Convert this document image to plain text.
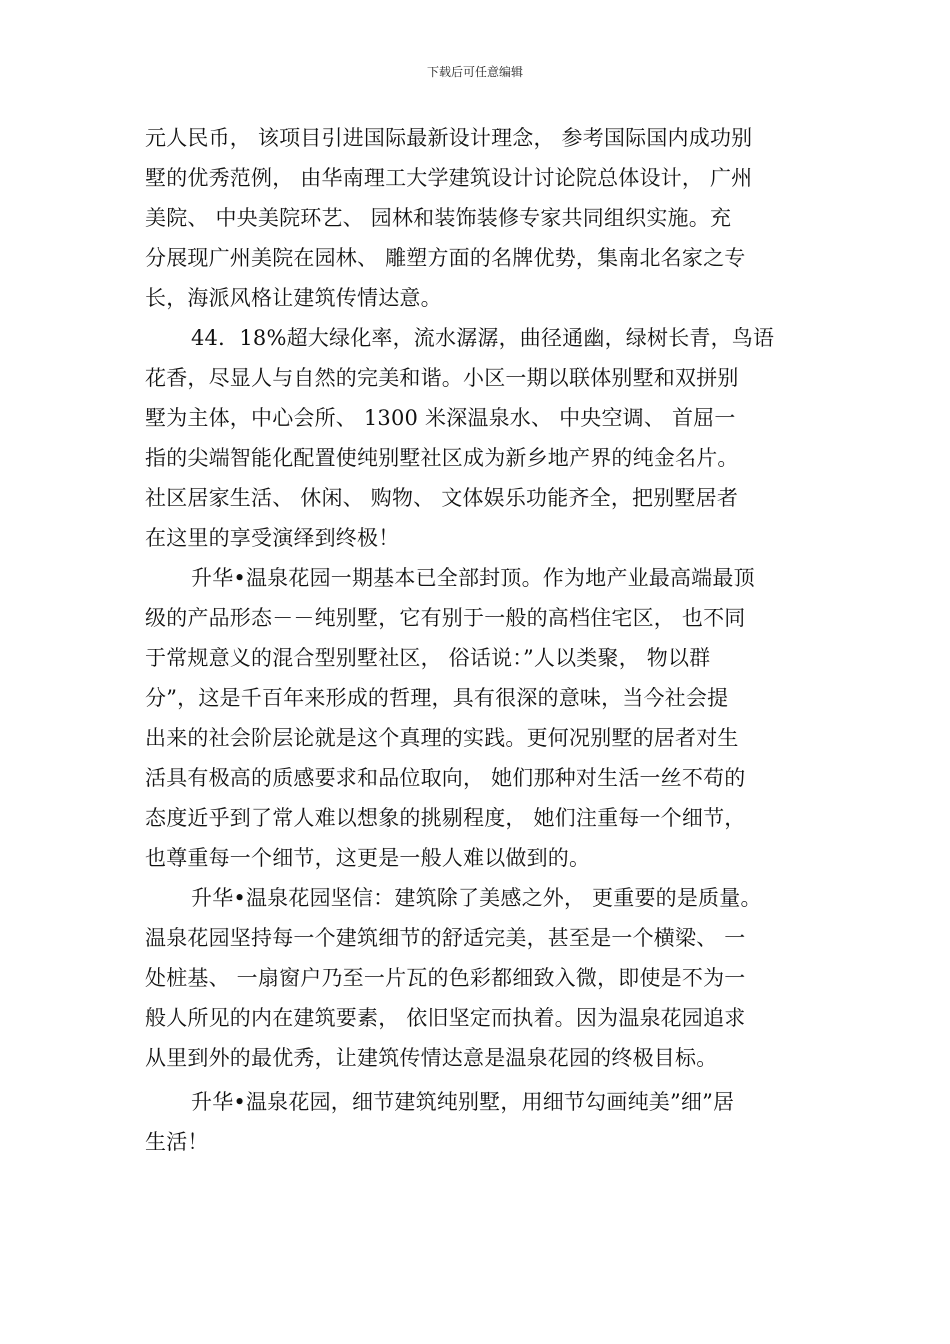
下载后可任意编辑
元人民币， 该项目引进国际最新设计理念， 参考国际国内成功别
墅的优秀范例， 由华南理工大学建筑设计讨论院总体设计， 广州
美院、 中央美院环艺、 园林和装饰装修专家共同组织实施。充
分展现广州美院在园林、 雕塑方面的名牌优势，集南北名家之专
长，海派风格让建筑传情达意。
44．18%超大绿化率，流水潺潺，曲径通幽，绿树长青，鸟语
花香，尽显人与自然的完美和谐。小区一期以联体别墅和双拼别
墅为主体，中心会所、 1300 米深温泉水、 中央空调、 首屈一
指的尖端智能化配置使纯别墅社区成为新乡地产界的纯金名片。
社区居家生活、 休闲、 购物、 文体娱乐功能齐全，把别墅居者
在这里的享受演绎到终极！
升华•温泉花园一期基本已全部封顶。作为地产业最高端最顶
级的产品形态－－纯别墅，它有别于一般的高档住宅区， 也不同
于常规意义的混合型别墅社区， 俗话说：”人以类聚， 物以群
分”，这是千百年来形成的哲理，具有很深的意味，当今社会提
出来的社会阶层论就是这个真理的实践。更何况别墅的居者对生
活具有极高的质感要求和品位取向， 她们那种对生活一丝不苟的
态度近乎到了常人难以想象的挑剔程度， 她们注重每一个细节，
也尊重每一个细节，这更是一般人难以做到的。
升华•温泉花园坚信：建筑除了美感之外， 更重要的是质量。
温泉花园坚持每一个建筑细节的舒适完美，甚至是一个横梁、 一
处桩基、 一扇窗户乃至一片瓦的色彩都细致入微，即使是不为一
般人所见的内在建筑要素， 依旧坚定而执着。因为温泉花园追求
从里到外的最优秀，让建筑传情达意是温泉花园的终极目标。
升华•温泉花园，细节建筑纯别墅，用细节勾画纯美”细”居
生活！
